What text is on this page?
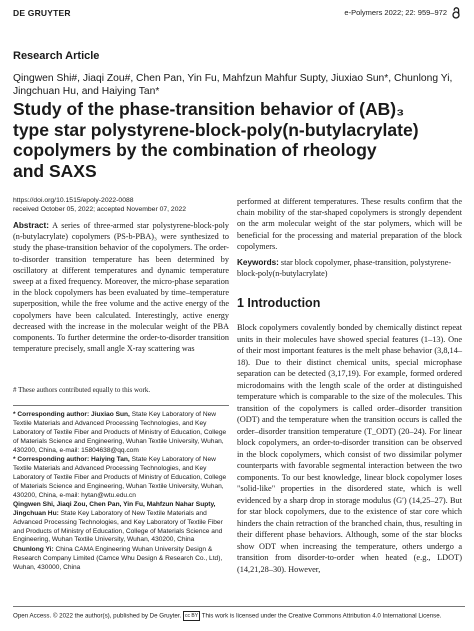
DE GRUYTER	e-Polymers 2022; 22: 959–972
Research Article
Qingwen Shi#, Jiaqi Zou#, Chen Pan, Yin Fu, Mahfzun Mahfur Supty, Jiuxiao Sun*, Chunlong Yi, Jingchuan Hu, and Haiying Tan*
Study of the phase-transition behavior of (AB)₃
type star polystyrene-block-poly(n-butylacrylate)
copolymers by the combination of rheology
and SAXS
https://doi.org/10.1515/epoly-2022-0088
received October 05, 2022; accepted November 07, 2022
Abstract: A series of three-armed star polystyrene-block-poly (n-butylacrylate) copolymers (PS-b-PBA)₃ were synthesized to study the phase-transition behavior of the copolymers. The order-to-disorder transition temperature has been determined by oscillatory at different temperatures and dynamic temperature sweep at a fixed frequency. Moreover, the micro-phase separation in the block copolymers has been evaluated by time–temperature superposition, while the free volume and the active energy of the copolymers have been calculated. Interestingly, active energy decreased with the increase in the molecular weight of the PBA components. To further determine the order-to-disorder transition temperature precisely, small angle X-ray scattering was
# These authors contributed equally to this work.

* Corresponding author: Jiuxiao Sun, State Key Laboratory of New Textile Materials and Advanced Processing Technologies, and Key Laboratory of Textile Fiber and Products of Ministry of Education, College of Materials Science and Engineering, Wuhan Textile University, Wuhan, 430200, China, e-mail: 15804638@qq.com

* Corresponding author: Haiying Tan, State Key Laboratory of New Textile Materials and Advanced Processing Technologies, and Key Laboratory of Textile Fiber and Products of Ministry of Education, College of Materials Science and Engineering, Wuhan Textile University, Wuhan, 430200, China, e-mail: hytan@wtu.edu.cn

Qingwen Shi, Jiaqi Zou, Chen Pan, Yin Fu, Mahfzun Nahar Supty, Jingchuan Hu: State Key Laboratory of New Textile Materials and Advanced Processing Technologies, and Key Laboratory of Textile Fiber and Products of Ministry of Education, College of Materials Science and Engineering, Wuhan Textile University, Wuhan, 430200, China

Chunlong Yi: China CAMA Engineering Wuhan University Design & Research Company Limited (Camce Whu Design & Research Co., Ltd), Wuhan, 430000, China

performed at different temperatures. These results confirm that the chain mobility of the star-shaped copolymers is strongly dependent on the arm molecular weight of the star polymers, which will be beneficial for the processing and material preparation of the block copolymers.
Keywords: star block copolymer, phase-transition, polystyrene-block-poly(n-butylacrylate)
1 Introduction
Block copolymers covalently bonded by chemically distinct repeat units in their molecules have showed special features (1–13). One of their most important features is the melt phase behavior (3,8,14–18). Due to their distinct chemical units, special microphase separation can be detected (3,17,19). For example, formed ordered microdomains with the length scale of the order at distinguished temperature which is comparable to the size of the molecules. This transition of the copolymers is called order–disorder transition (ODT) and the temperature when the transition occurs is called the order–disorder transition temperature (T_ODT) (20–24). For linear block copolymers, an order-to-disorder transition can be observed in the block copolymers, which consist of two dissimilar polymer counterparts with favorable segmental interaction between the two components. To our best knowledge, linear block copolymer loses "solid-like" properties in the disordered state, which is well evidenced by a sharp drop in storage modulus (G′) (14,25–27). But for star block copolymers, due to the existence of star core which hinders the chain retraction of the branched chain, thus, resulting in their different phase behaviors. Although, some of the star blocks show ODT when increasing the temperature, others undergo a transition from disorder-to-order when heated (e.g., LDOT) (14,21,28–30). However,
Open Access. © 2022 the author(s), published by De Gruyter. cc BY This work is licensed under the Creative Commons Attribution 4.0 International License.
